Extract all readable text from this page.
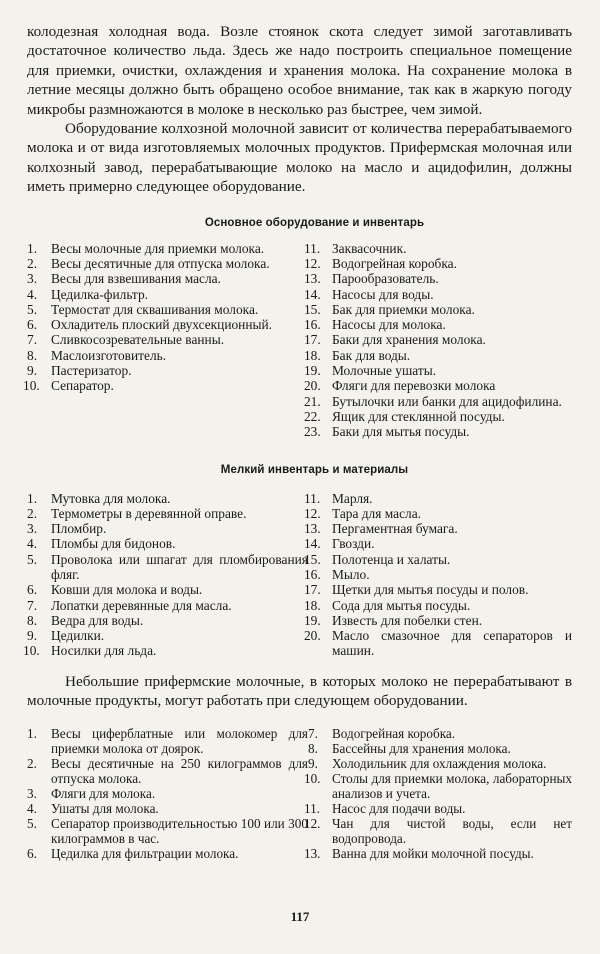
колодезная холодная вода. Возле стоянок скота следует зимой заготавливать достаточное количество льда. Здесь же надо построить специальное помещение для приемки, очистки, охлаждения и хранения молока. На сохранение молока в летние месяцы должно быть обращено особое внимание, так как в жаркую погоду микробы размножаются в молоке в несколько раз быстрее, чем зимой.

Оборудование колхозной молочной зависит от количества перерабатываемого молока и от вида изготовляемых молочных продуктов. Прифермская молочная или колхозный завод, перерабатывающие молоко на масло и ацидофилин, должны иметь примерно следующее оборудование.

Основное оборудование и инвентарь
1.	Весы молочные для приемки молока.
2.	Весы десятичные для отпуска молока.
3.	Весы для взвешивания масла.
4.	Цедилка-фильтр.
5.	Термостат для сквашивания молока.
6.	Охладитель плоский двухсекционный.
7.	Сливкосозревательные ванны.
8.	Маслоизготовитель.
9.	Пастеризатор.
10. Сепаратор.
11. Заквасочник.
12. Водогрейная коробка.
13. Парообразователь.
14. Насосы для воды.
15. Бак для приемки молока.
16. Насосы для молока.
17. Баки для хранения молока.
18. Бак для воды.
19. Молочные ушаты.
20. Фляги для перевозки молока
21. Бутылочки или банки для ацидофилина.
22. Ящик для стеклянной посуды.
23. Баки для мытья посуды.
Мелкий инвентарь и материалы
1.	Мутовка для молока.
2.	Термометры в деревянной оправе.
3.	Пломбир.
4.	Пломбы для бидонов.
5.	Проволока или шпагат для пломбирования фляг.
6.	Ковши для молока и воды.
7.	Лопатки деревянные для масла.
8.	Ведра для воды.
9.	Цедилки.
10. Носилки для льда.
11. Марля.
12. Тара для масла.
13. Пергаментная бумага.
14. Гвозди.
15. Полотенца и халаты.
16. Мыло.
17. Щетки для мытья посуды и полов.
18. Сода для мытья посуды.
19. Известь для побелки стен.
20. Масло смазочное для сепараторов и машин.

Небольшие прифермские молочные, в которых молоко не перерабатывают в молочные продукты, могут работать при следующем оборудовании.

1.	Весы циферблатные или молокомер для приемки молока от доярок.
2.	Весы десятичные на 250 килограммов для отпуска молока.
3.	Фляги для молока.
4.	Ушаты для молока.
5.	Сепаратор производительностью 100 или 300 килограммов в час.
6.	Цедилка для фильтрации молока.
7.	Водогрейная коробка.
8.	Бассейны для хранения молока.
9.	Холодильник для охлаждения молока.
10. Столы для приемки молока, лабораторных анализов и учета.
11. Насос для подачи воды.
12. Чан для чистой воды, если нет водопровода.
13. Ванна для мойки молочной посуды.
117
